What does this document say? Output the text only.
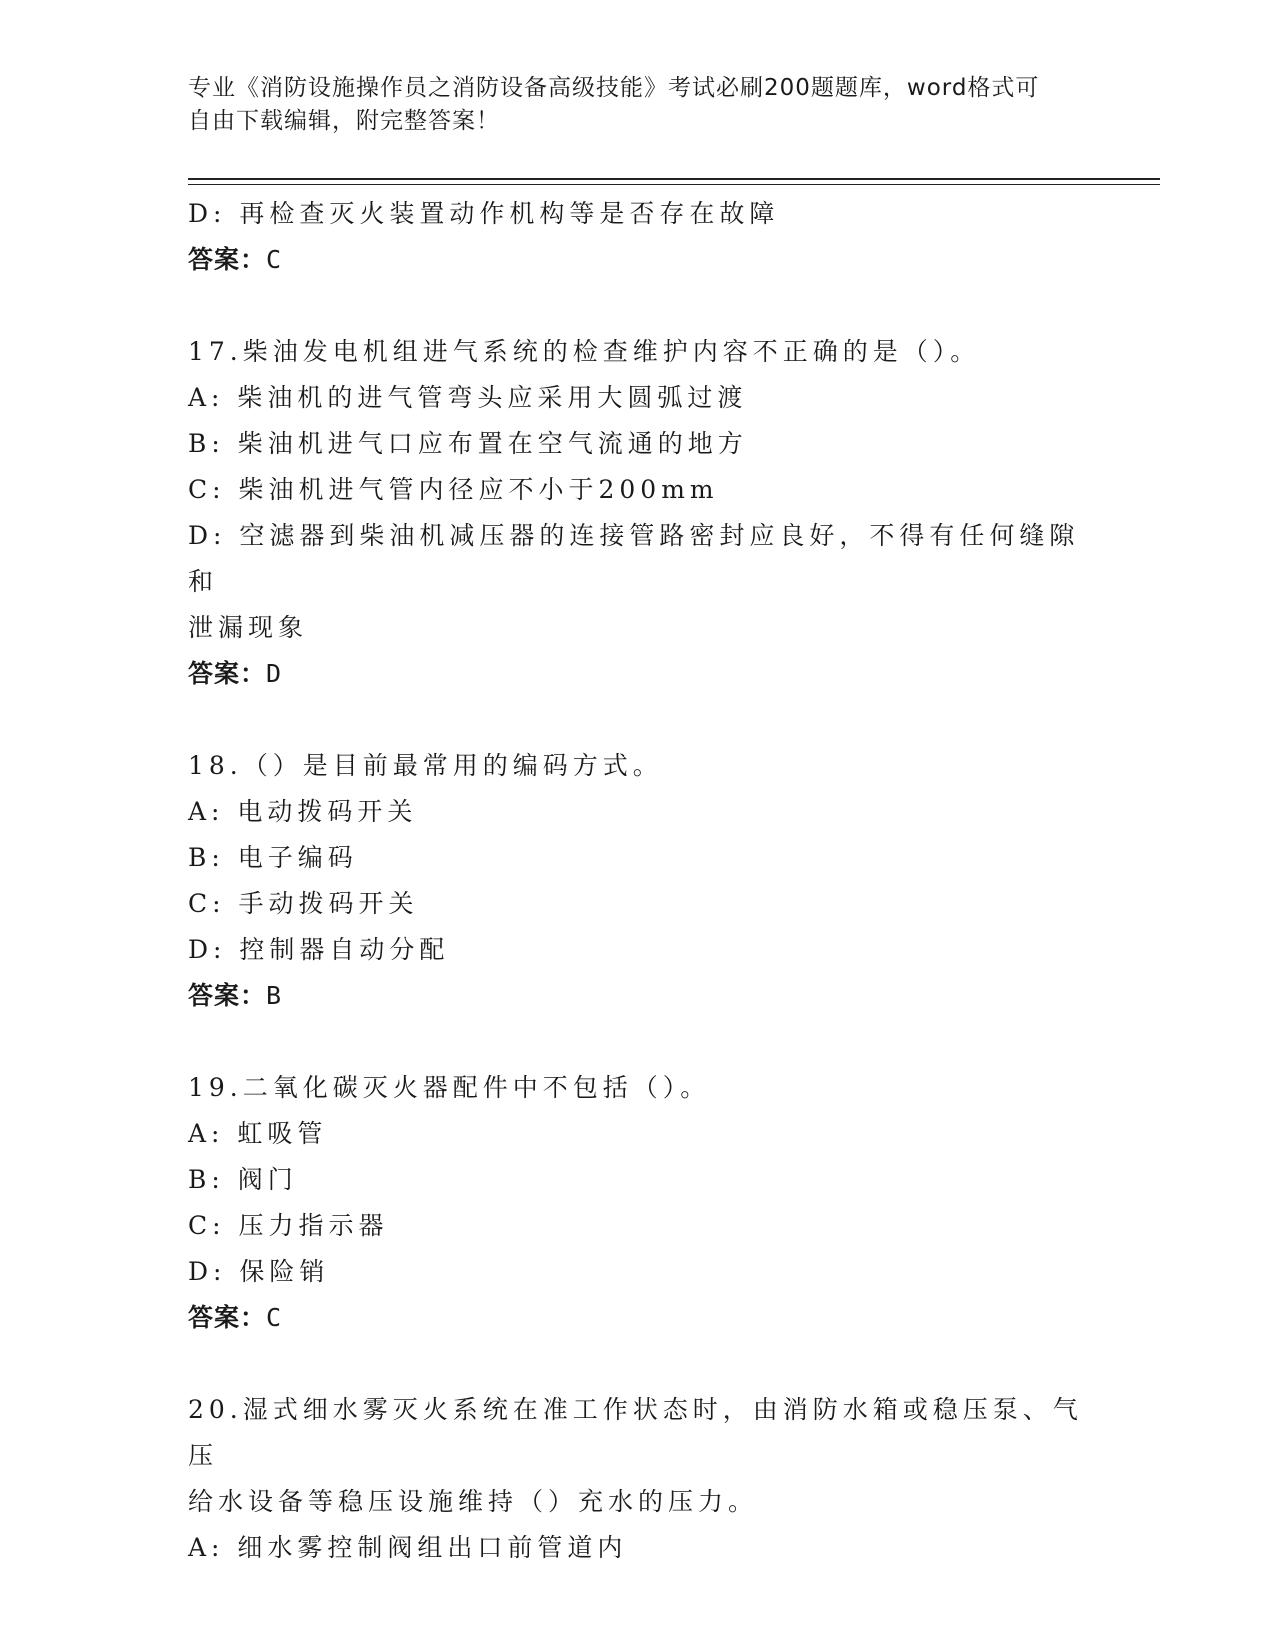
专业《消防设施操作员之消防设备高级技能》考试必刷200题题库，word格式可
自由下载编辑，附完整答案！

D: 再检查灭火装置动作机构等是否存在故障

答案：C

17.柴油发电机组进气系统的检查维护内容不正确的是（）。

A: 柴油机的进气管弯头应采用大圆弧过渡

B: 柴油机进气口应布置在空气流通的地方

C: 柴油机进气管内径应不小于200mm

D: 空滤器到柴油机减压器的连接管路密封应良好，不得有任何缝隙和

泄漏现象

答案：D

18.（）是目前最常用的编码方式。

A: 电动拨码开关

B: 电子编码

C: 手动拨码开关

D: 控制器自动分配

答案：B

19.二氧化碳灭火器配件中不包括（）。

A: 虹吸管

B: 阀门

C: 压力指示器

D: 保险销

答案：C

20.湿式细水雾灭火系统在准工作状态时，由消防水箱或稳压泵、气压

给水设备等稳压设施维持（）充水的压力。

A: 细水雾控制阀组出口前管道内
